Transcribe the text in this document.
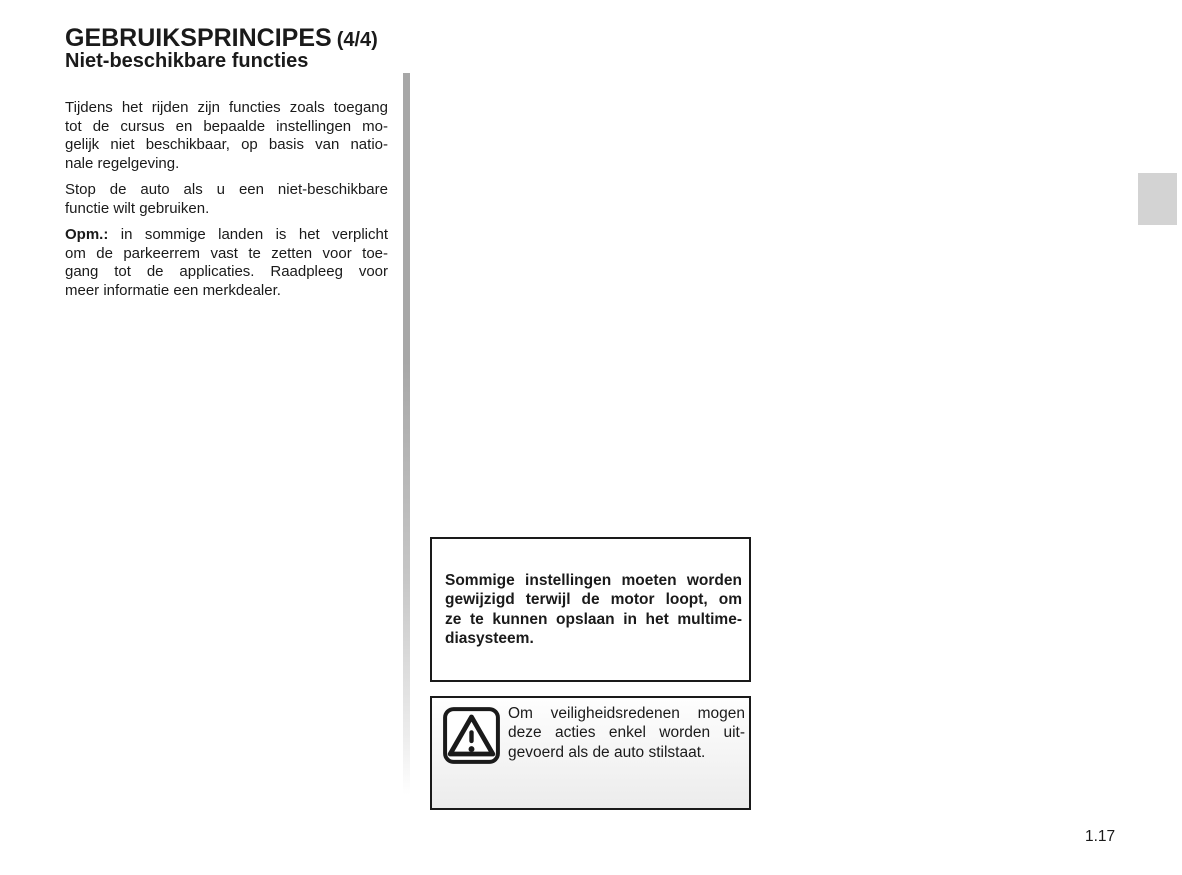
GEBRUIKSPRINCIPES (4/4)
Niet-beschikbare functies

Tijdens het rijden zijn functies zoals toegang
tot de cursus en bepaalde instellingen mo-
gelijk niet beschikbaar, op basis van natio-
nale regelgeving.

Stop de auto als u een niet-beschikbare
functie wilt gebruiken.

Opm.: in sommige landen is het verplicht
om de parkeerrem vast te zetten voor toe-
gang tot de applicaties. Raadpleeg voor
meer informatie een merkdealer.

Sommige instellingen moeten worden
gewijzigd terwijl de motor loopt, om
ze te kunnen opslaan in het multime-
diasysteem.
Om veiligheidsredenen mogen
deze acties enkel worden uit-
gevoerd als de auto stilstaat.
1.17
